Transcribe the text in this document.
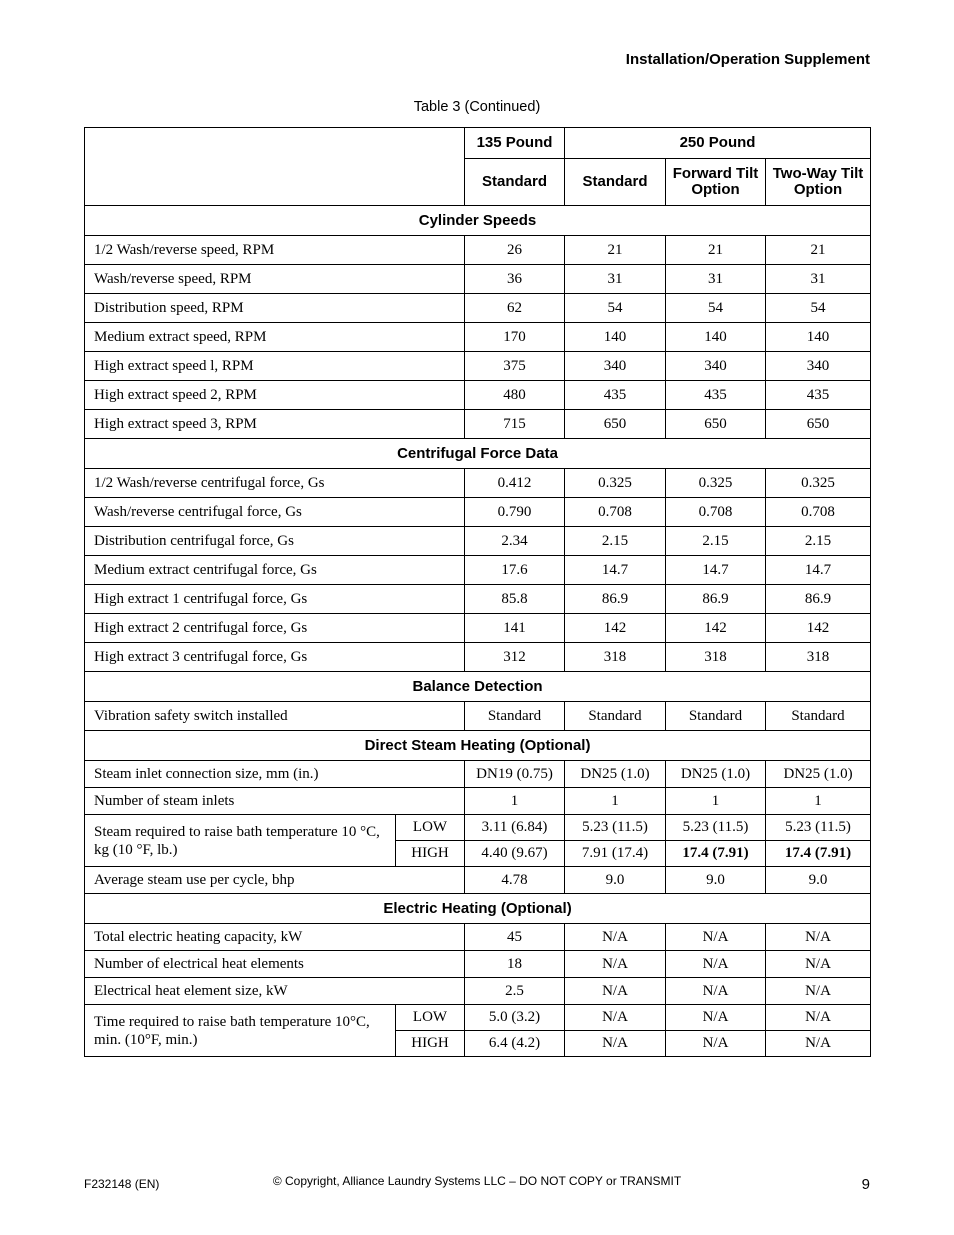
Installation/Operation Supplement
Table 3 (Continued)
		135 Pound	250 Pound		
		Standard	Standard	Forward Tilt Option	Two-Way Tilt Option
Cylinder Speeds					
1/2 Wash/reverse speed, RPM		26	21	21	21
Wash/reverse speed, RPM		36	31	31	31
Distribution speed, RPM		62	54	54	54
Medium extract speed, RPM		170	140	140	140
High extract speed l, RPM		375	340	340	340
High extract speed 2, RPM		480	435	435	435
High extract speed 3, RPM		715	650	650	650
Centrifugal Force Data					
1/2 Wash/reverse centrifugal force, Gs		0.412	0.325	0.325	0.325
Wash/reverse centrifugal force, Gs		0.790	0.708	0.708	0.708
Distribution centrifugal force, Gs		2.34	2.15	2.15	2.15
Medium extract centrifugal force, Gs		17.6	14.7	14.7	14.7
High extract 1 centrifugal force, Gs		85.8	86.9	86.9	86.9
High extract 2 centrifugal force, Gs		141	142	142	142
High extract 3 centrifugal force, Gs		312	318	318	318
Balance Detection					
Vibration safety switch installed		Standard	Standard	Standard	Standard
Direct Steam Heating (Optional)					
Steam inlet connection size, mm (in.)		DN19 (0.75)	DN25 (1.0)	DN25 (1.0)	DN25 (1.0)
Number of steam inlets		1	1	1	1
Steam required to raise bath temperature 10 °C, kg (10 °F, lb.)	LOW	3.11 (6.84)	5.23 (11.5)	5.23 (11.5)	5.23 (11.5)
	HIGH	4.40 (9.67)	7.91 (17.4)	17.4 (7.91)	17.4 (7.91)
Average steam use per cycle, bhp		4.78	9.0	9.0	9.0
Electric Heating (Optional)					
Total electric heating capacity, kW		45	N/A	N/A	N/A
Number of electrical heat elements		18	N/A	N/A	N/A
Electrical heat element size, kW		2.5	N/A	N/A	N/A
Time required to raise bath temperature 10°C, min. (10°F, min.)	LOW	5.0 (3.2)	N/A	N/A	N/A
	HIGH	6.4 (4.2)	N/A	N/A	N/A
F232148 (EN)	© Copyright, Alliance Laundry Systems LLC – DO NOT COPY or TRANSMIT	9
